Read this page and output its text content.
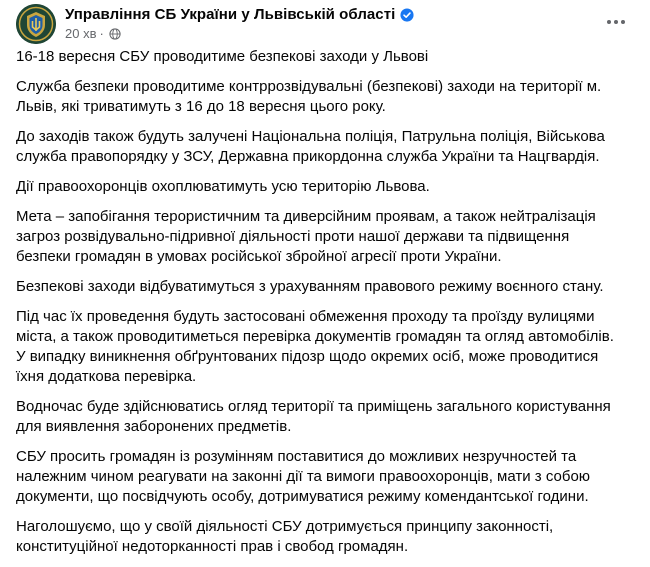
Управління СБ України у Львівській області
20 хв ·

16-18 вересня СБУ проводитиме безпекові заходи у Львові

Служба безпеки проводитиме контррозвідувальні (безпекові) заходи на території м. Львів, які триватимуть з 16 до 18 вересня цього року.

До заходів також будуть залучені Національна поліція, Патрульна поліція, Військова служба правопорядку у ЗСУ, Державна прикордонна служба України та Нацгвардія.

Дії правоохоронців охоплюватимуть усю територію Львова.

Мета – запобігання терористичним та диверсійним проявам, а також нейтралізація загроз розвідувально-підривної діяльності проти нашої держави та підвищення безпеки громадян в умовах російської збройної агресії проти України.

Безпекові заходи відбуватимуться з урахуванням правового режиму воєнного стану.

Під час їх проведення будуть застосовані обмеження проходу та проїзду вулицями міста, а також проводитиметься перевірка документів громадян та огляд автомобілів. У випадку виникнення обґрунтованих підозр щодо окремих осіб, може проводитися їхня додаткова перевірка.

Водночас буде здійснюватись огляд території та приміщень загального користування для виявлення заборонених предметів.

СБУ просить громадян із розумінням поставитися до можливих незручностей та належним чином реагувати на законні дії та вимоги правоохоронців, мати з собою документи, що посвідчують особу, дотримуватися режиму комендантської години.

Наголошуємо, що у своїй діяльності СБУ дотримується принципу законності, конституційної недоторканності прав і свобод громадян.
